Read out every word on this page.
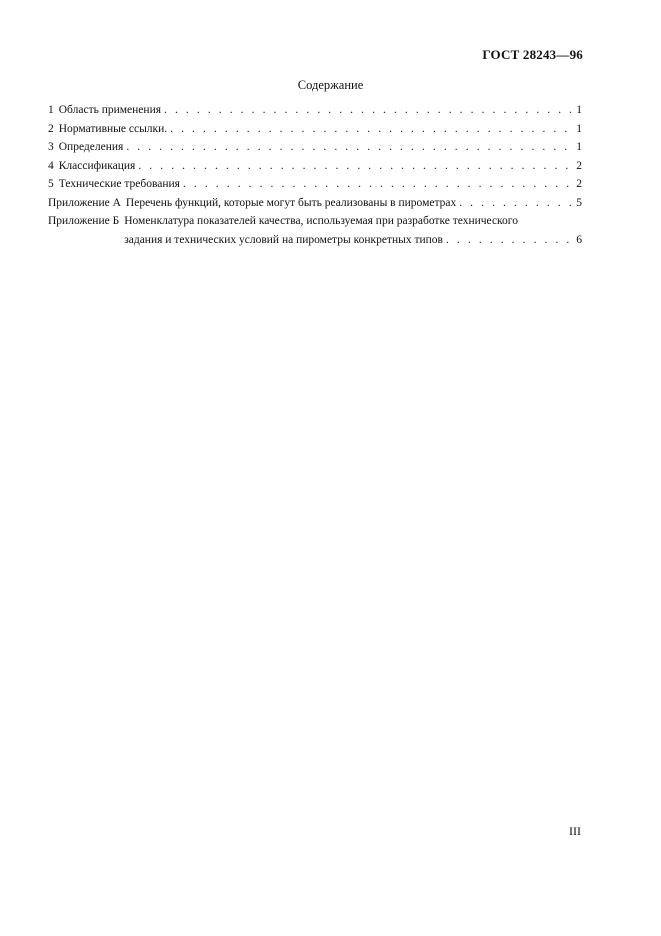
ГОСТ 28243—96
Содержание
1 Область применения . . .	1
2 Нормативные ссылки. . . .	1
3 Определения . . .	1
4 Классификация . . .	2
5 Технические требования . . .	2
Приложение А Перечень функций, которые могут быть реализованы в пирометрах . . .	5
Приложение Б Номенклатура показателей качества, используемая при разработке технического
задания и технических условий на пирометры конкретных типов . . .	6
III
